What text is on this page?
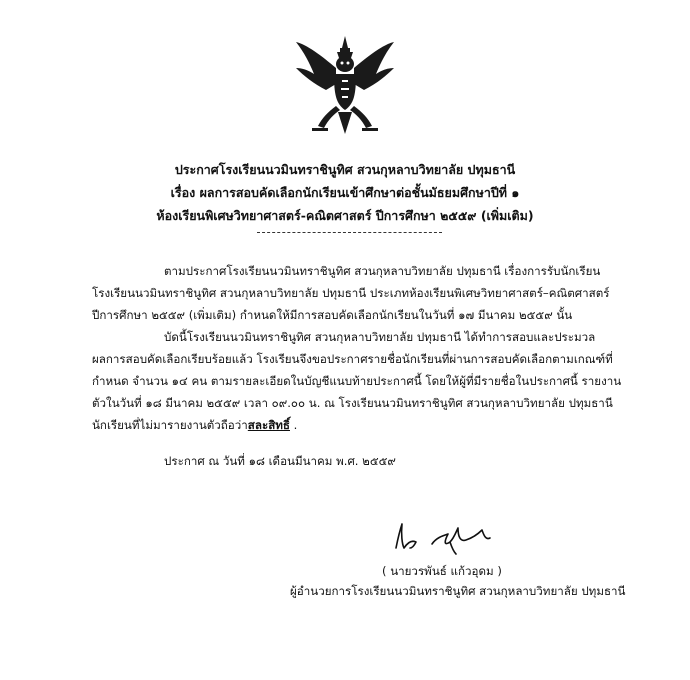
ประกาศโรงเรียนนวมินทราชินูทิศ สวนกุหลาบวิทยาลัย ปทุมธานี
เรื่อง ผลการสอบคัดเลือกนักเรียนเข้าศึกษาต่อชั้นมัธยมศึกษาปีที่ ๑
ห้องเรียนพิเศษวิทยาศาสตร์-คณิตศาสตร์ ปีการศึกษา ๒๕๕๙ (เพิ่มเติม)
ตามประกาศโรงเรียนนวมินทราชินูทิศ สวนกุหลาบวิทยาลัย ปทุมธานี เรื่องการรับนักเรียน
โรงเรียนนวมินทราชินูทิศ สวนกุหลาบวิทยาลัย ปทุมธานี ประเภทห้องเรียนพิเศษวิทยาศาสตร์–คณิตศาสตร์
ปีการศึกษา ๒๕๕๙ (เพิ่มเติม) กำหนดให้มีการสอบคัดเลือกนักเรียนในวันที่ ๑๗ มีนาคม ๒๕๕๙ นั้น
บัดนี้โรงเรียนนวมินทราชินูทิศ สวนกุหลาบวิทยาลัย ปทุมธานี ได้ทำการสอบและประมวล
ผลการสอบคัดเลือกเรียบร้อยแล้ว โรงเรียนจึงขอประกาศรายชื่อนักเรียนที่ผ่านการสอบคัดเลือกตามเกณฑ์ที่
กำหนด จำนวน ๑๔ คน ตามรายละเอียดในบัญชีแนบท้ายประกาศนี้ โดยให้ผู้ที่มีรายชื่อในประกาศนี้ รายงาน
ตัวในวันที่ ๑๘ มีนาคม ๒๕๕๙ เวลา ๐๙.๐๐ น. ณ โรงเรียนนวมินทราชินูทิศ สวนกุหลาบวิทยาลัย ปทุมธานี
นักเรียนที่ไม่มารายงานตัวถือว่าสละสิทธิ์ .
ประกาศ ณ วันที่ ๑๘ เดือนมีนาคม พ.ศ. ๒๕๕๙
( นายวรพันธ์ แก้วอุดม )
ผู้อำนวยการโรงเรียนนวมินทราชินูทิศ สวนกุหลาบวิทยาลัย ปทุมธานี
